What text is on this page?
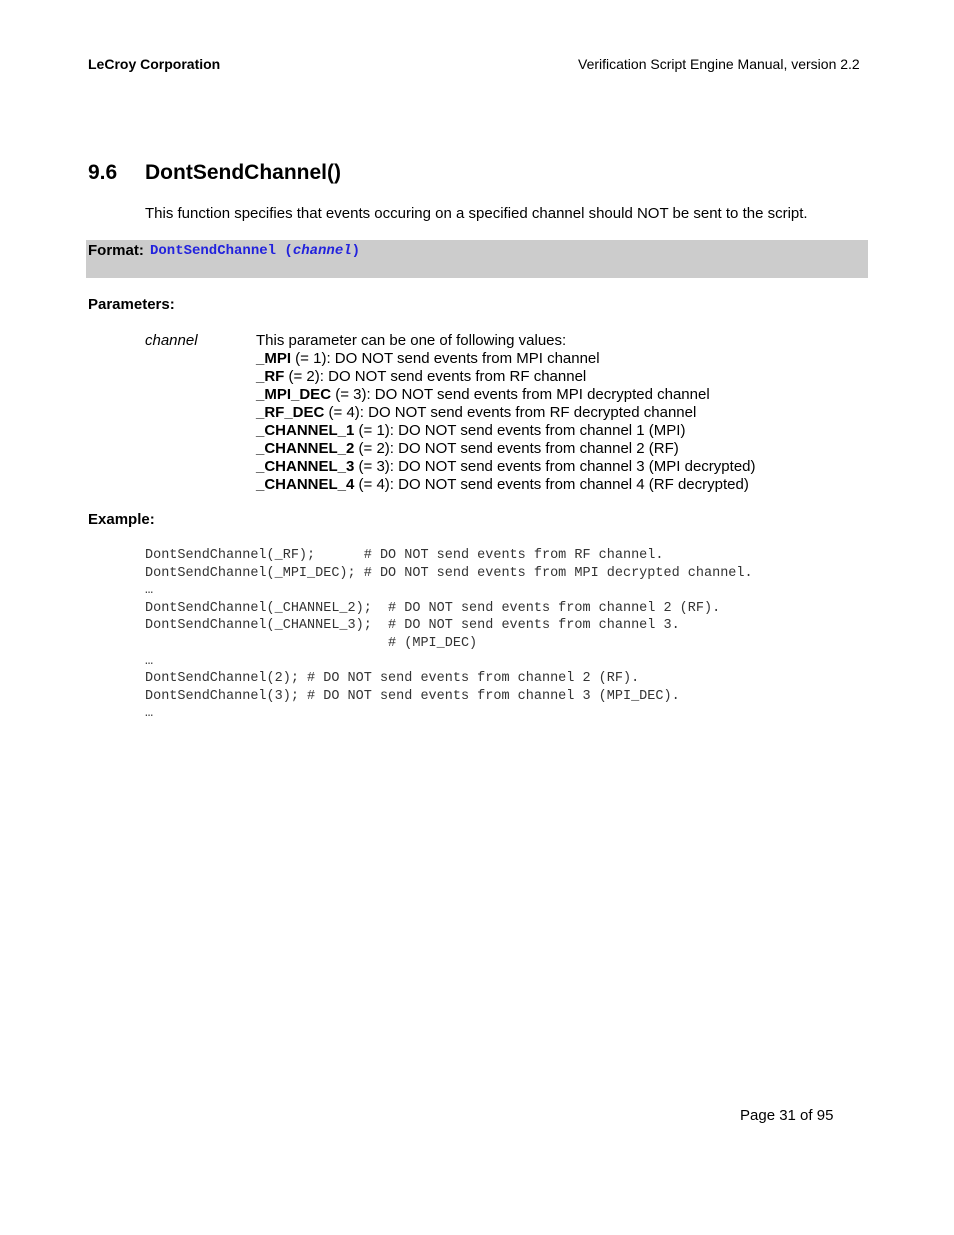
LeCroy Corporation	Verification Script Engine Manual, version 2.2
9.6 DontSendChannel()
This function specifies that events occuring on a specified channel should NOT be sent to the script.
Format: DontSendChannel (channel)
Parameters:
channel	This parameter can be one of following values:
_MPI (= 1): DO NOT send events from MPI channel
_RF (= 2): DO NOT send events from RF channel
_MPI_DEC (= 3): DO NOT send events from MPI decrypted channel
_RF_DEC (= 4): DO NOT send events from RF decrypted channel
_CHANNEL_1 (= 1): DO NOT send events from channel 1 (MPI)
_CHANNEL_2 (= 2): DO NOT send events from channel 2 (RF)
_CHANNEL_3 (= 3): DO NOT send events from channel 3 (MPI decrypted)
_CHANNEL_4 (= 4): DO NOT send events from channel 4 (RF decrypted)
Example:
DontSendChannel(_RF);      # DO NOT send events from RF channel.
DontSendChannel(_MPI_DEC); # DO NOT send events from MPI decrypted channel.
…
DontSendChannel(_CHANNEL_2);  # DO NOT send events from channel 2 (RF).
DontSendChannel(_CHANNEL_3);  # DO NOT send events from channel 3.
# (MPI_DEC)
…
DontSendChannel(2); # DO NOT send events from channel 2 (RF).
DontSendChannel(3); # DO NOT send events from channel 3 (MPI_DEC).
…
Page 31 of 95
